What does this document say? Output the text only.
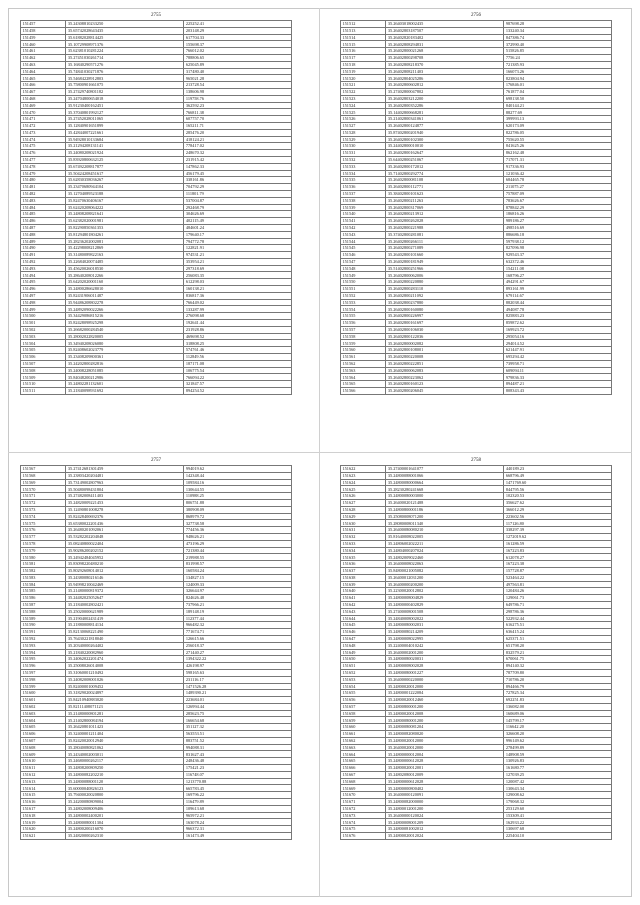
2755
151457	35.24308810233250	225252.41
151458	35.65742028643435	203148.29
151459	35.61882028814425	617704.33
151460	35.10729908971376	155698.37
151461	35.62381010281224	766012.02
151462	35.27451030261714	788806.65
151463	35.16840290571276	625045.89
151464	35.74841030271876	317480.40
151465	35.54684228912803	965021.28
151466	35.75800901661075	213728.54
151467	35.27429740801182	138606.98
151468	35.24704800654018	119758.76
151469	35.91230400162451	362592.23
151470	35.37040801992127	766811.38
151471	35.27452028011065	607757.70
151472	35.12840901651899	165211.71
151473	35.42844007221661	285476.20
151474	35.94928010133684	418124.21
151475	35.21294208131141	778417.02
151476	35.24080208021924	248670.32
151477	35.83920800632125	231915.42
151478	35.67492208817877	147862.33
151479	35.50424208451617	456179.45
151480	35.62830358036267	338161.86
151481	35.23470680944104	704792.29
151482	35.12704089523188	111801.79
151483	35.82470630406167	537004.87
151484	35.62420208064222	292468.79
151485	35.24808208821641	304626.69
151486	35.62382020001981	402115.49
151487	35.82290850361353	484601.24
151488	35.81294801804261	179640.17
151489	35.28236202002081	794772.78
151490	35.42298008212869	122821.91
151491	35.31480089822163	974531.21
151492	35.22684020074485	353954.21
151493	35.45620026018530	297318.69
151494	35.28640208012266	256083.35
151495	35.64202020001160	612298.03
151496	35.24800286628010	160138.21
151497	35.82431906011487	836817.36
151498	35.94486208802278	766449.02
151499	35.24892090022266	133287.99
151500	35.34429086815216	276098.68
151501	35.82428098925298	192641.44
151502	35.26682000284540	231928.86
151503	35.28002022820005	469698.52
151504	35.34940208026080	318808.25
151505	35.82408602023779	574761.46
151506	35.23408209800361	112849.56
151507	35.24202800282816	187171.08
151508	35.24008228051085	106775.54
151509	35.84048200212986	766094.22
151510	35.24802281132601	321847.57
151511	35.21840098931692	894254.52
2756
151512	35.26403018002435	987698.28
151513	35.26402803187507	133240.34
151514	35.26402820183402	847386.74
151515	35.26402808294831	372990.40
151516	35.26402800021268	515826.85
151517	35.26402800298708	7756.24
151518	35.26402808218370	721385.93
151519	35.26402808211403	166073.26
151520	35.26402804025286	823804.94
151521	35.26402800602812	176846.01
151522	35.27402800047802	761877.04
151523	35.26402803212200	698138.50
151524	35.26402800352286	840144.21
151525	35.14402800668281	88277.69
151526	35.21402800341061	399993.13
151527	35.26402800124877	620173.09
151528	35.87402800201940	822786.05
151529	35.26402800102300	755620.55
151530	35.24402800010010	841625.26
151531	35.26402800162647	862162.48
151532	35.64402800251067	717071.31
151533	35.26402800172012	917336.93
151534	35.71402800292774	121036.42
151535	35.26402800081108	684465.78
151536	35.26402800112771	211075.27
151537	35.38402800101623	757887.09
151538	35.26402800211263	783626.67
151539	35.26402800317069	878842.29
151540	35.26402800213912	186816.26
151541	35.26402800262028	989186.27
151542	35.26402800221988	498516.69
151543	35.37402800281081	886686.18
151544	35.26402800266111	597938.12
151545	35.26402800271089	827096.98
151546	35.26402800101660	929543.37
151547	35.26402800181949	632372.46
151548	35.51402800251966	154211.08
151549	35.26402800062006	168796.27
151550	35.26402800220880	494291.67
151551	35.26402800283110	893161.99
151552	35.26402800211092	679114.67
151553	35.26402800237880	882038.44
151554	35.26402800160080	494087.78
151555	35.26402800226997	825883.23
151556	35.26402800161697	859872.62
151557	35.26402800106030	169923.72
151558	35.26402800122036	295054.16
151559	35.26402800002082	294014.52
151560	35.26402800108001	621447.91
151561	35.26402800220008	695294.42
151562	35.26402800222851	739958.71
151563	35.26402800062083	609094.11
151564	35.26402800223062	979836.33
151565	35.26402800160123	894487.21
151566	35.26402800206045	808343.43
2757
151567	35.27412681301459	994019.62
151568	35.23803420204481	142348.44
151569	35.73149002807963	109584.16
151570	35.50480098431804	130644.55
151571	35.27482008411403	110988.25
151572	35.24820009221453	806751.88
151573	35.12490801008278	380908.09
151574	35.82428400692376	868979.72
151575	35.65380022201436	327738.58
151576	35.26480201092061	774456.36
151577	35.53282202204048	948626.21
151578	35.08240800022404	473196.29
151579	35.90286200202152	721380.44
151580	35.24942484045952	219988.55
151581	35.83098220480210	831998.57
151582	35.80292608014012	160584.24
151583	35.24380080216146	134827.15
151584	35.94998210042469	124009.33
151585	35.21480000819372	326644.97
151586	35.24482025052647	824626.48
151587	35.21840002802421	737966.21
151588	35.25020000621989	189148.19
151589	35.21904002431419	112377.44
151590	35.21880008814134	966482.32
151591	35.82130068221490	771674.71
151592	35.76430221818040	126615.66
151593	35.20340000264402	256018.37
151594	35.21840220082960	271440.27
151595	35.24062022201474	1394322.22
151596	35.25008026014008	426198.97
151597	35.31060001210492	598165.63
151598	35.24082008001026	231116.17
151599	35.82400001009452	1471526.28
151600	35.31829020024897	1489390.21
151601	35.84210940883020	223684.01
151602	35.82111408071123	126994.44
151603	35.21480000801281	285623.75
151604	35.21402800084194	166654.68
151605	35.26420801011423	351127.32
151606	35.32400001211404	563553.51
151607	35.82420020012940	883751.52
151608	35.28040080821062	994088.31
151609	35.24340002003011	831627.43
151610	35.24680000262117	248436.48
151611	35.24808200809250	175421.23
151612	35.24800082202210	116748.07
151613	35.24800088001120	1213770.88
151614	35.60000040826123	665783.45
151615	35.79400020020800	169796.22
151616	35.24200080809004	116479.89
151617	35.24802008009406	109613.68
151618	35.24800002400201	965972.21
151619	35.24800080011304	163078.24
151620	35.24800200216070	966372.31
151621	35.24820000262310	161473.49
2758
151622	35.27400001641077	440189.23
151623	35.24800088001066	668796.49
151624	35.24800080000664	1471769.60
151625	35.28230280241668	844795.56
151626	35.24800080003000	102320.53
151627	35.26400020121488	356627.62
151628	35.24800800001186	366012.29
151629	35.25080008071200	223602.56
151630	35.28080008011340	117126.80
151631	35.26400080080210	338297.39
151632	35.81640008022005	1272019.62
151633	35.24806002022211	161286.59
151634	35.24804000207024	167223.83
151635	35.24802009022460	612078.27
151636	35.26400008022063	167223.38
151637	35.84800021005082	157728.87
151638	35.26400012031200	523464.22
151639	35.26400000200200	497563.81
151640	35.22300020012802	120484.26
151641	35.24800008004829	129061.73
151642	35.24800000402829	649786.71
151643	35.27400008001508	298786.36
151644	35.24840008002022	522932.44
151645	35.24800080002031	616275.51
151646	35.24800080214209	636415.24
151647	35.24800008022995	625371.51
151648	35.22400004010242	651798.20
151649	35.26400002001200	832579.21
151650	35.24800080020031	670061.75
151651	35.24800008002028	894140.32
151652	35.24800080001227	787709.80
151653	35.26400000220000	710786.20
151654	35.24800020012000	894466.79
151655	35.24800001222084	727825.34
151656	35.24800020012460	692251.83
151657	35.24800800001200	136082.00
151658	35.24800020012008	160689.06
151659	35.24800080001200	145799.17
151660	35.24800080081204	116642.20
151661	35.24800082080020	326608.20
151662	35.24800020012000	996149.62
151663	35.26400020012000	278499.89
151664	35.24800000012004	148908.59
151665	35.24800000612028	130926.83
151666	35.24800020012001	161680.77
151667	35.24802080012009	127039.25
151668	35.24800000612028	120087.42
151669	35.24800000800402	130643.34
151670	35.26400000120091	129008.62
151671	35.24800082000000	179068.32
151672	35.24800012001200	253129.60
151673	35.26400000120024	153309.41
151674	35.24800008001209	162933.22
151675	35.24800081002012	130697.68
151676	35.24800020012024	225404.10
